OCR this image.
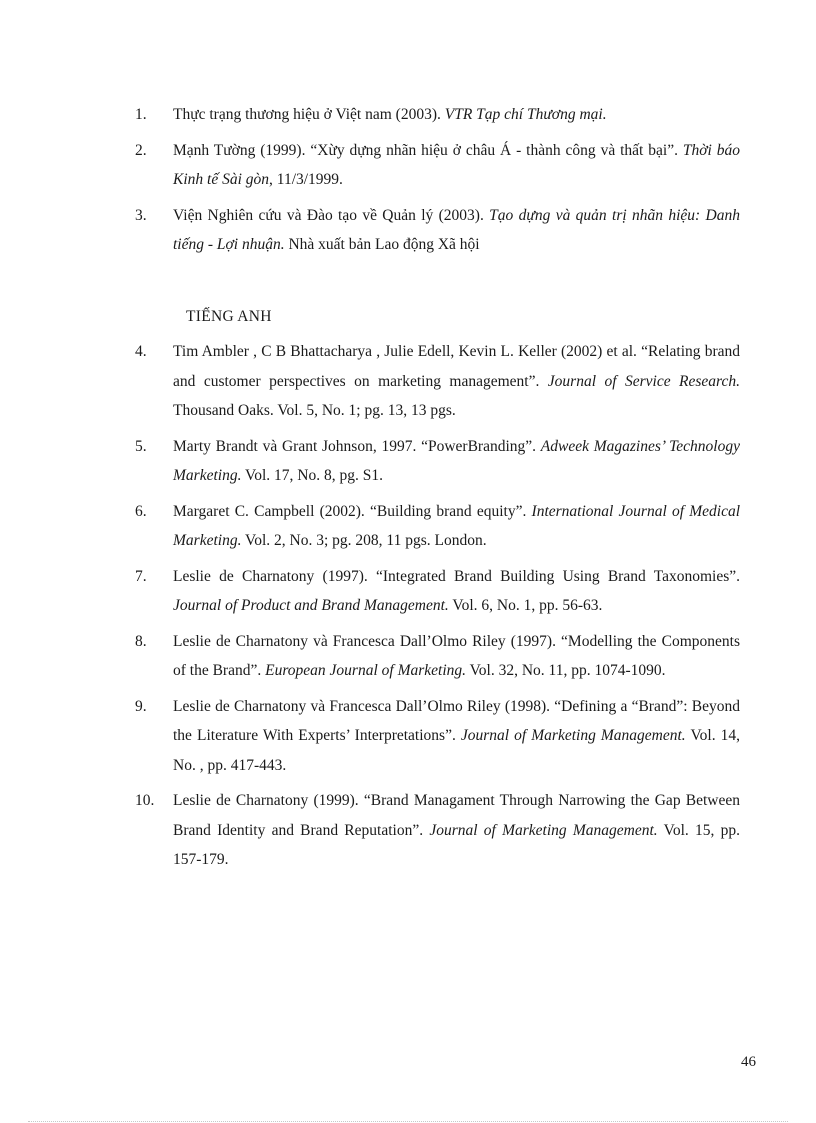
1.	Thực trạng thương hiệu ở Việt nam (2003). VTR Tạp chí Thương mại.
2.	Mạnh Tường (1999). “Xừy dựng nhãn hiệu ở châu Á - thành công và thất bại”. Thời báo Kinh tế Sài gòn, 11/3/1999.
3.	Viện Nghiên cứu và Đào tạo về Quản lý (2003). Tạo dựng và quản trị nhãn hiệu: Danh tiếng - Lợi nhuận. Nhà xuất bản Lao động Xã hội
TIẾNG ANH
4.	Tim Ambler , C B Bhattacharya , Julie Edell, Kevin L. Keller (2002) et al. “Relating brand and customer perspectives on marketing management”. Journal of Service Research. Thousand Oaks. Vol. 5, No. 1; pg. 13, 13 pgs.
5.	Marty Brandt và Grant Johnson, 1997. “PowerBranding”. Adweek Magazines’ Technology Marketing. Vol. 17, No. 8, pg. S1.
6.	Margaret C. Campbell (2002). “Building brand equity”. International Journal of Medical Marketing. Vol. 2, No. 3; pg. 208, 11 pgs. London.
7.	Leslie de Charnatony (1997). “Integrated Brand Building Using Brand Taxonomies”. Journal of Product and Brand Management. Vol. 6, No. 1, pp. 56-63.
8.	Leslie de Charnatony và Francesca Dall’Olmo Riley (1997). “Modelling the Components of the Brand”. European Journal of Marketing. Vol. 32, No. 11, pp. 1074-1090.
9.	Leslie de Charnatony và Francesca Dall’Olmo Riley (1998). “Defining a “Brand”: Beyond the Literature With Experts’ Interpretations”. Journal of Marketing Management. Vol. 14, No. , pp. 417-443.
10.	Leslie de Charnatony (1999). “Brand Managament Through Narrowing the Gap Between Brand Identity and Brand Reputation”. Journal of Marketing Management. Vol. 15, pp. 157-179.
46
